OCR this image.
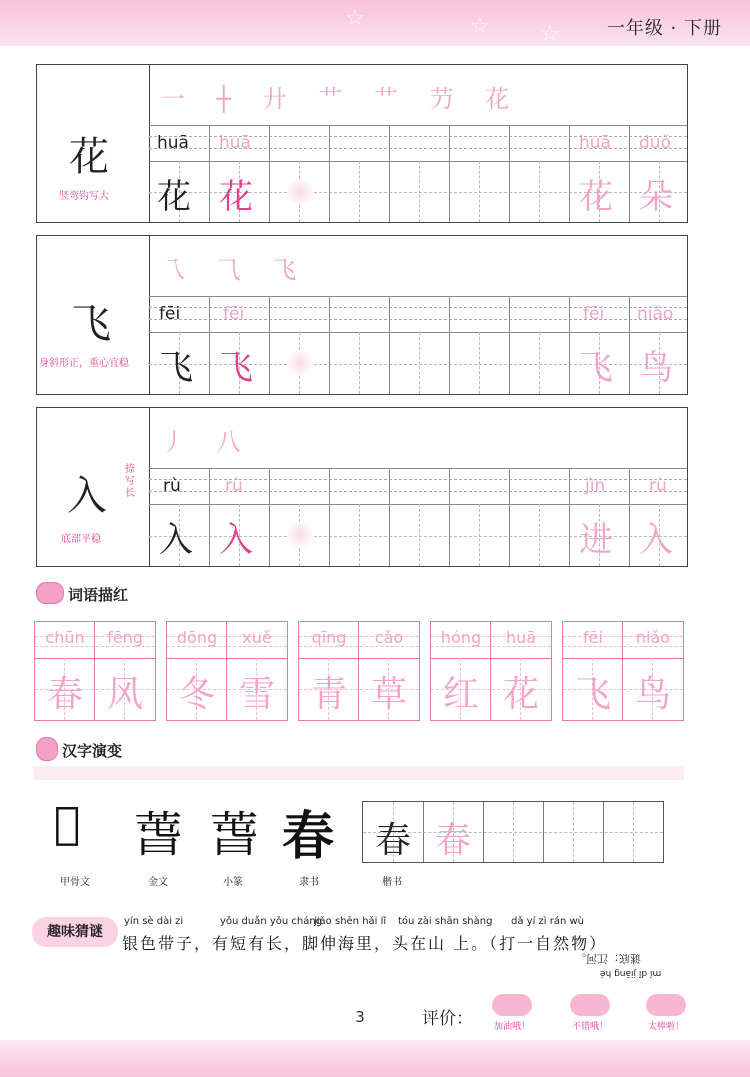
☆	☆ ☆	一年级 · 下册
3
花
竖弯钩写大
一 ┼ 廾 艹 艹 芀 花
huā huā	huā duǒ
花 花	花 朵
飞
身斜形正，重心宜稳
乁 ⺄ 飞
fēi	fēi	fēi niǎo
飞 飞	飞 鸟
入
捺写长
底部平稳
丿 八
rù	rù	jìn	rù
入 入	进 入
词语描红
chūn	fēng
春 风
dōng	xuě
冬 雪
qīng	cǎo
青 草
hóng	huā
红 花
fēi	niǎo
飞 鸟
汉字演变
𣒘
甲骨文
萅
金文
萅
小篆
春
隶书	楷书
春 春
趣味猜谜
yín sè dài zi	yǒu duǎn yǒu cháng
jiǎo shēn hǎi lǐ tóu zài shān shàng dǎ yí zì rán wù
银色带子，有短有长，脚伸海里，头在山 上。（打一自然物）
谜底：江河。
mí dǐ jiāng hé
评价：	加油哦！	不错哦！	太棒啦！
